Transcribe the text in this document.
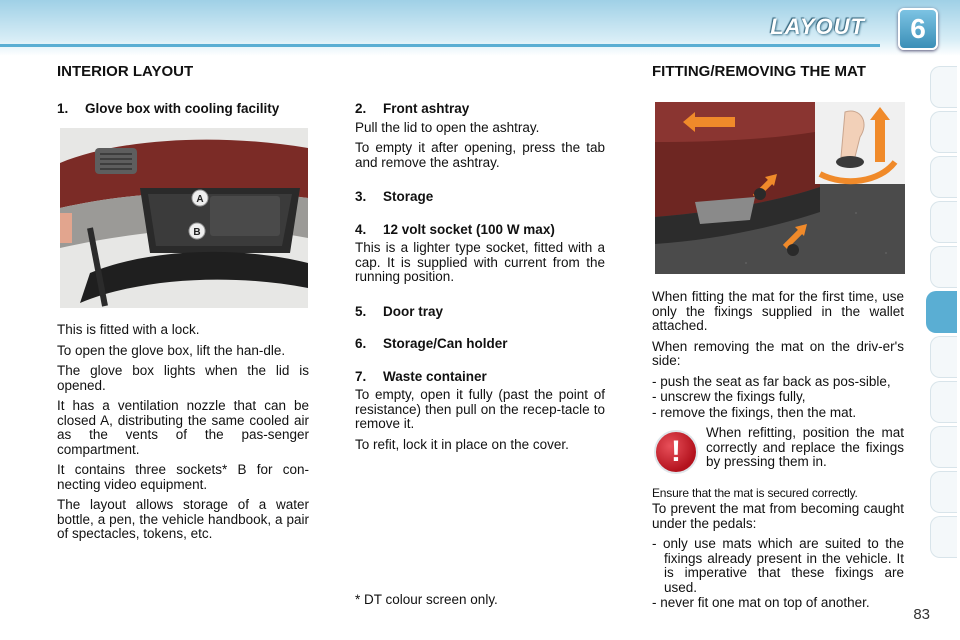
LAYOUT	6
INTERIOR LAYOUT
1. Glove box with cooling facility
A
B

This is fitted with a lock.

To open the glove box, lift the han-dle.

The glove box lights when the lid is opened.

It has a ventilation nozzle that can be closed A, distributing the same cooled air as the vents of the pas-senger compartment.

It contains three sockets* B for con-necting video equipment.

The layout allows storage of a water bottle, a pen, the vehicle handbook, a pair of spectacles, tokens, etc.

2. Front ashtray

Pull the lid to open the ashtray.

To empty it after opening, press the tab and remove the ashtray.

3. Storage
4. 12 volt socket (100 W max)

This is a lighter type socket, fitted with a cap. It is supplied with current from the running position.

5. Door tray
6. Storage/Can holder
7. Waste container

To empty, open it fully (past the point of resistance) then pull on the recep-tacle to remove it.

To refit, lock it in place on the cover.

* DT colour screen only.
FITTING/REMOVING THE MAT

When fitting the mat for the first time, use only the fixings supplied in the wallet attached.

When removing the mat on the driv-er's side:

- push the seat as far back as pos-sible,
- unscrew the fixings fully,
- remove the fixings, then the mat.
!

When refitting, position the mat correctly and replace the fixings by pressing them in.

Ensure that the mat is secured correctly.

To prevent the mat from becoming caught under the pedals:

- only use mats which are suited to the fixings already present in the vehicle. It is imperative that these fixings are used.
- never fit one mat on top of another.
83
